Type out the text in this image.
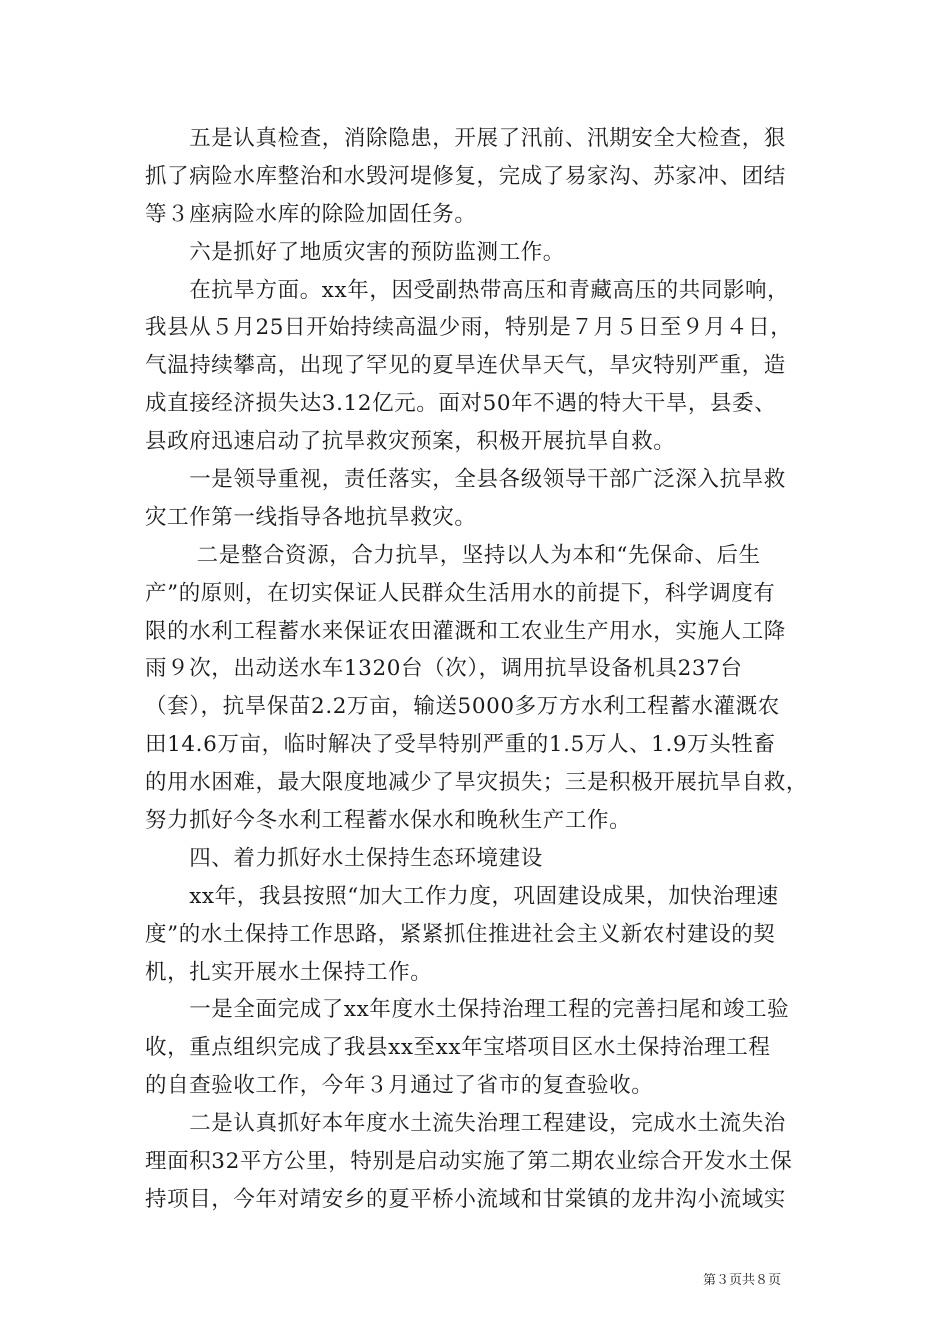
　　五是认真检查，消除隐患，开展了汛前、汛期安全大检查，狠
抓了病险水库整治和水毁河堤修复，完成了易家沟、苏家冲、团结
等３座病险水库的除险加固任务。
　　六是抓好了地质灾害的预防监测工作。
　　在抗旱方面。xx年，因受副热带高压和青藏高压的共同影响，
我县从５月25日开始持续高温少雨，特别是７月５日至９月４日，
气温持续攀高，出现了罕见的夏旱连伏旱天气，旱灾特别严重，造
成直接经济损失达3.12亿元。面对50年不遇的特大干旱，县委、
县政府迅速启动了抗旱救灾预案，积极开展抗旱自救。
　　一是领导重视，责任落实，全县各级领导干部广泛深入抗旱救
灾工作第一线指导各地抗旱救灾。
　　 二是整合资源，合力抗旱，坚持以人为本和“先保命、后生
产”的原则，在切实保证人民群众生活用水的前提下，科学调度有
限的水利工程蓄水来保证农田灌溉和工农业生产用水，实施人工降
雨９次，出动送水车1320台（次），调用抗旱设备机具237台
（套），抗旱保苗2.2万亩，输送5000多万方水利工程蓄水灌溉农
田14.6万亩，临时解决了受旱特别严重的1.5万人、1.9万头牲畜
的用水困难，最大限度地减少了旱灾损失；三是积极开展抗旱自救，
努力抓好今冬水利工程蓄水保水和晚秋生产工作。
　　四、着力抓好水土保持生态环境建设
　　xx年，我县按照“加大工作力度，巩固建设成果，加快治理速
度”的水土保持工作思路，紧紧抓住推进社会主义新农村建设的契
机，扎实开展水土保持工作。
　　一是全面完成了xx年度水土保持治理工程的完善扫尾和竣工验
收，重点组织完成了我县xx至xx年宝塔项目区水土保持治理工程
的自查验收工作，今年３月通过了省市的复查验收。
　　二是认真抓好本年度水土流失治理工程建设，完成水土流失治
理面积32平方公里，特别是启动实施了第二期农业综合开发水土保
持项目，今年对靖安乡的夏平桥小流域和甘棠镇的龙井沟小流域实
第３页共８页
